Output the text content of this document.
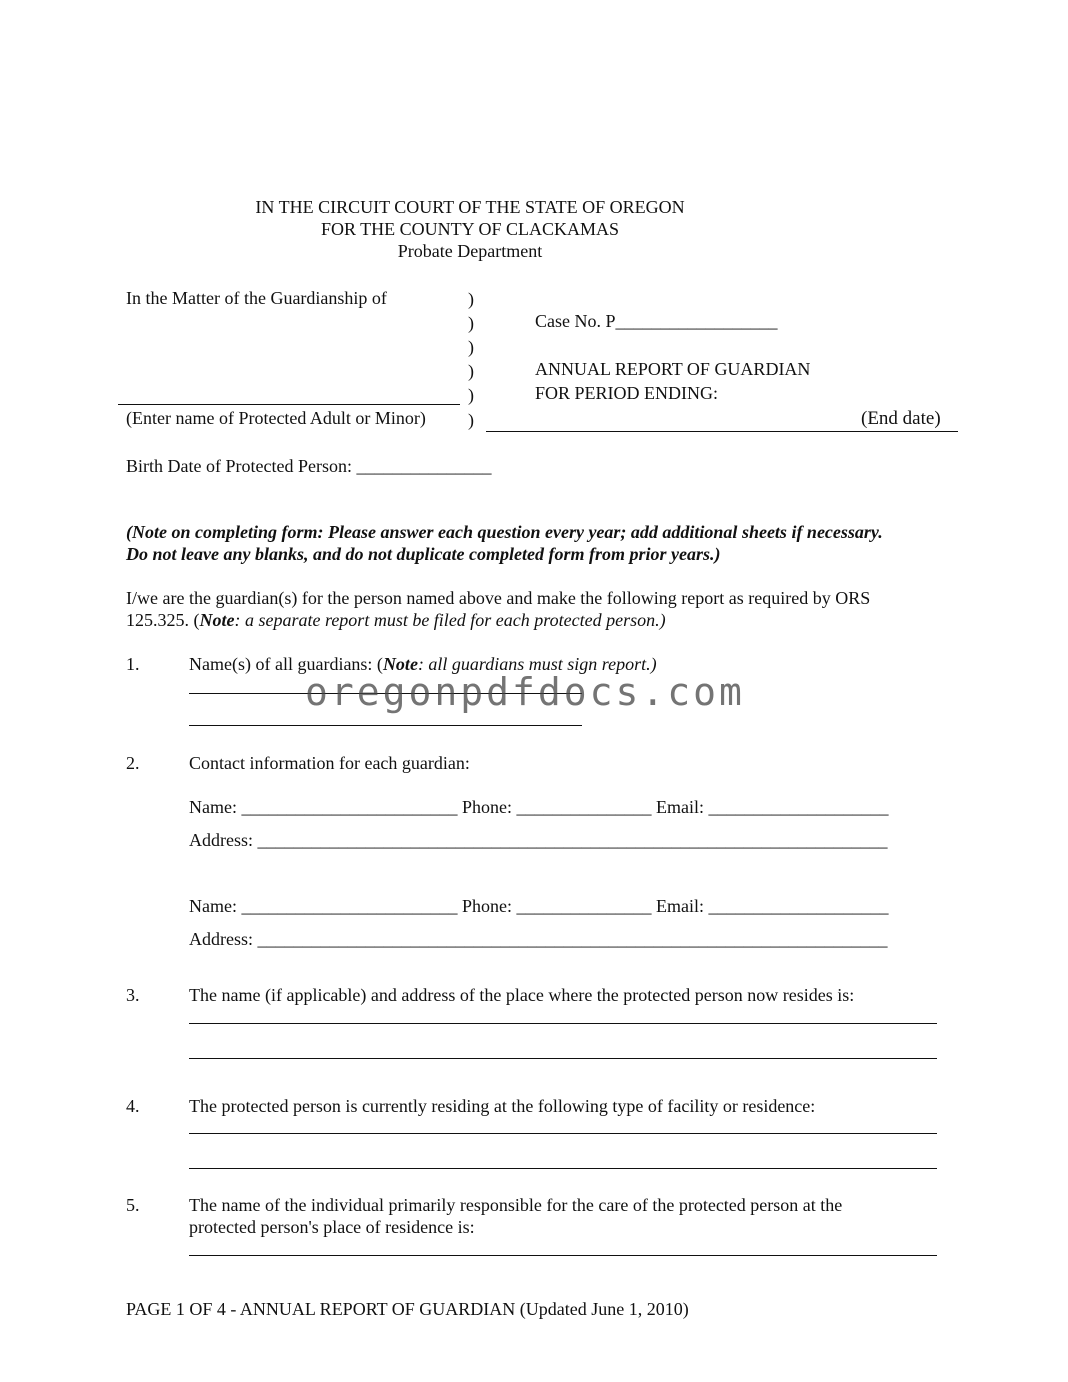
IN THE CIRCUIT COURT OF THE STATE OF OREGON
FOR THE COUNTY OF CLACKAMAS
Probate Department
In the Matter of the Guardianship of	)
)
)
)
)
)
Case No. P__________________
ANNUAL REPORT OF GUARDIAN
FOR PERIOD ENDING:
(Enter name of Protected Adult or Minor)	(End date)
Birth Date of Protected Person: _______________
(Note on completing form: Please answer each question every year; add additional sheets if necessary.
Do not leave any blanks, and do not duplicate completed form from prior years.)
I/we are the guardian(s) for the person named above and make the following report as required by ORS
125.325. (Note: a separate report must be filed for each protected person.)
1.	Name(s) of all guardians: (Note: all guardians must sign report.)
oregonpdfdocs.com
2.	Contact information for each guardian:
Name: ________________________ Phone: _______________ Email: ____________________
Address: ______________________________________________________________________
Name: ________________________ Phone: _______________ Email: ____________________
Address: ______________________________________________________________________
3.	The name (if applicable) and address of the place where the protected person now resides is:
4.	The protected person is currently residing at the following type of facility or residence:
5.	The name of the individual primarily responsible for the care of the protected person at the
protected person's place of residence is:
PAGE 1 OF 4 - ANNUAL REPORT OF GUARDIAN (Updated June 1, 2010)
